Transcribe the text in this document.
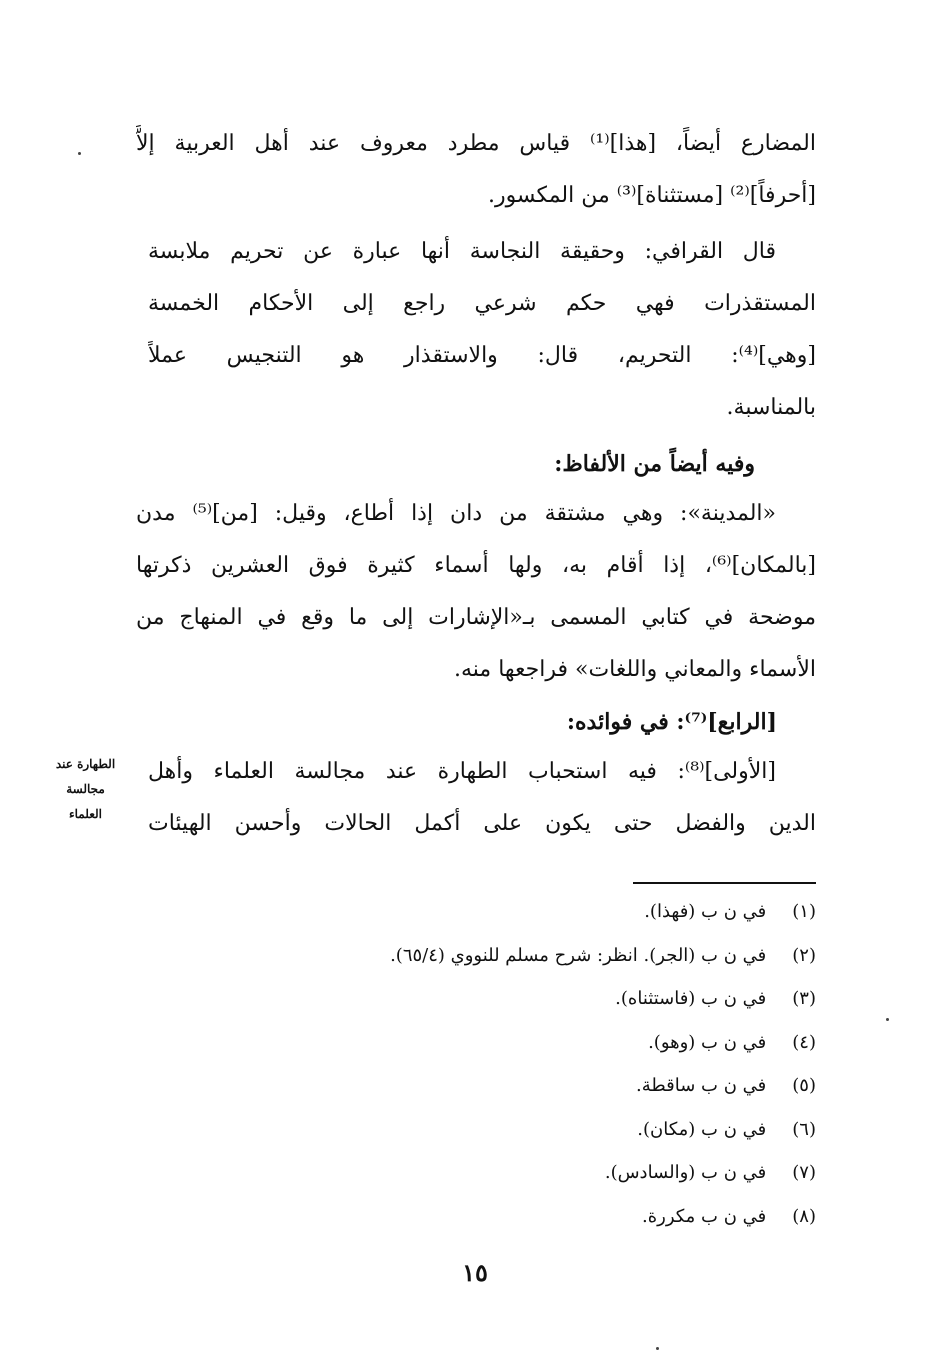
المضارع أيضاً، [هذا]⁽¹⁾ قياس مطرد معروف عند أهل العربية إلاَّ
[أحرفاً]⁽²⁾ [مستثناة]⁽³⁾ من المكسور.
قال القرافي: وحقيقة النجاسة أنها عبارة عن تحريم ملابسة
المستقذرات فهي حكم شرعي راجع إلى الأحكام الخمسة
[وهي]⁽⁴⁾: التحريم، قال: والاستقذار هو التنجيس عملاً
بالمناسبة.
وفيه أيضاً من الألفاظ:
«المدينة»: وهي مشتقة من دان إذا أطاع، وقيل: [من]⁽⁵⁾ مدن
[بالمكان]⁽⁶⁾، إذا أقام به، ولها أسماء كثيرة فوق العشرين ذكرتها
موضحة في كتابي المسمى بـ«الإشارات إلى ما وقع في المنهاج من
الأسماء والمعاني واللغات» فراجعها منه.
[الرابع]⁽⁷⁾: في فوائده:
[الأولى]⁽⁸⁾: فيه استحباب الطهارة عند مجالسة العلماء وأهل
الدين والفضل حتى يكون على أكمل الحالات وأحسن الهيئات
الطهارة عند
مجالسة
العلماء
(١) في ن ب (فهذا).
(٢) في ن ب (الجر). انظر: شرح مسلم للنووي (٦٥/٤).
(٣) في ن ب (فاستثناه).
(٤) في ن ب (وهو).
(٥) في ن ب ساقطة.
(٦) في ن ب (مكان).
(٧) في ن ب (والسادس).
(٨) في ن ب مكررة.
١٥
